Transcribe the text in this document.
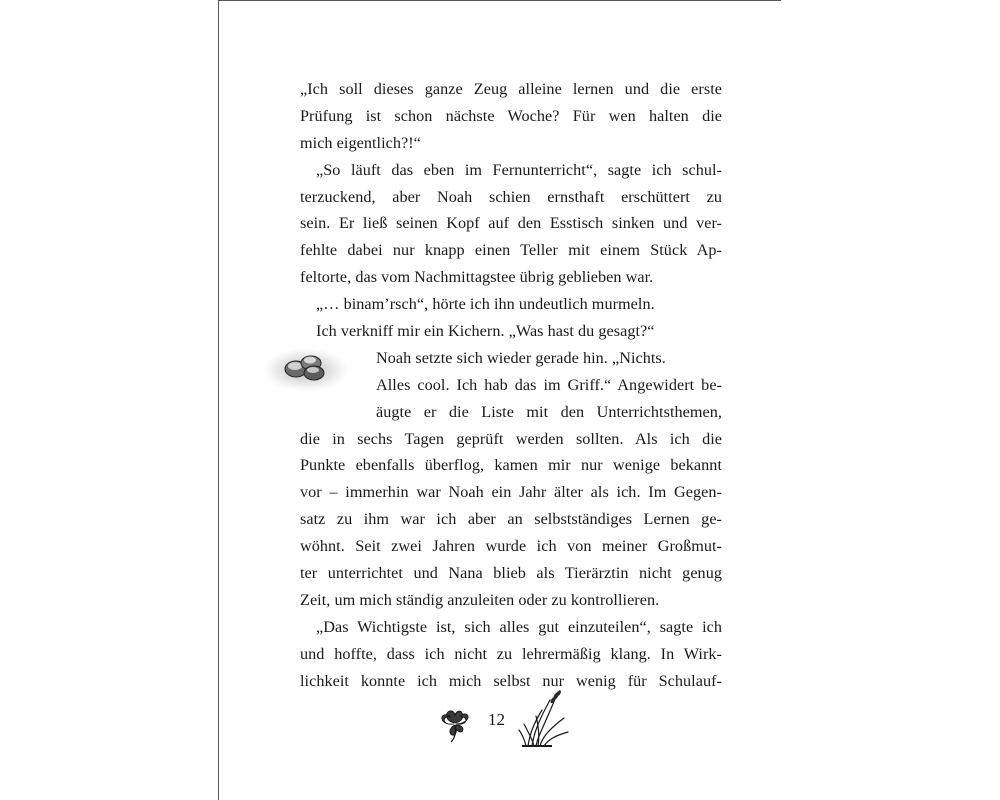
„Ich soll dieses ganze Zeug alleine lernen und die erste
Prüfung ist schon nächste Woche? Für wen halten die
mich eigentlich?!“
„So läuft das eben im Fernunterricht“, sagte ich schul-
terzuckend, aber Noah schien ernsthaft erschüttert zu
sein. Er ließ seinen Kopf auf den Esstisch sinken und ver-
fehlte dabei nur knapp einen Teller mit einem Stück Ap-
feltorte, das vom Nachmittagstee übrig geblieben war.
„… binam’rsch“, hörte ich ihn undeutlich murmeln.
Ich verkniff mir ein Kichern. „Was hast du gesagt?“
Noah setzte sich wieder gerade hin. „Nichts.
Alles cool. Ich hab das im Griff.“ Angewidert be-
äugte er die Liste mit den Unterrichtsthemen,
die in sechs Tagen geprüft werden sollten. Als ich die
Punkte ebenfalls überflog, kamen mir nur wenige bekannt
vor – immerhin war Noah ein Jahr älter als ich. Im Gegen-
satz zu ihm war ich aber an selbstständiges Lernen ge-
wöhnt. Seit zwei Jahren wurde ich von meiner Großmut-
ter unterrichtet und Nana blieb als Tierärztin nicht genug
Zeit, um mich ständig anzuleiten oder zu kontrollieren.
„Das Wichtigste ist, sich alles gut einzuteilen“, sagte ich
und hoffte, dass ich nicht zu lehrermäßig klang. In Wirk-
lichkeit konnte ich mich selbst nur wenig für Schulauf-
12
